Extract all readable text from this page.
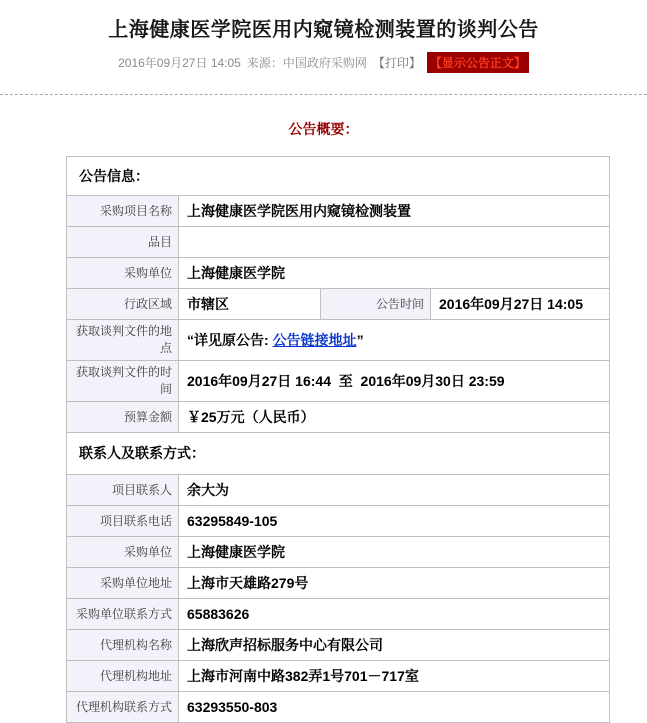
上海健康医学院医用内窥镜检测装置的谈判公告
2016年09月27日 14:05 来源：中国政府采购网 【打印】 【显示公告正文】
公告概要：
公告信息：			
采购项目名称	上海健康医学院医用内窥镜检测装置		
品目			
采购单位	上海健康医学院		
行政区域	市辖区	公告时间	2016年09月27日 14:05
获取谈判文件的地点	“详见原公告: 公告链接地址”		
获取谈判文件的时间	2016年09月27日 16:44  至  2016年09月30日 23:59		
预算金额	￥25万元（人民币）		
联系人及联系方式：			
项目联系人	余大为		
项目联系电话	63295849-105		
采购单位	上海健康医学院		
采购单位地址	上海市天雄路279号		
采购单位联系方式	65883626		
代理机构名称	上海欣声招标服务中心有限公司		
代理机构地址	上海市河南中路382弄1号701－717室		
代理机构联系方式	63293550-803		
